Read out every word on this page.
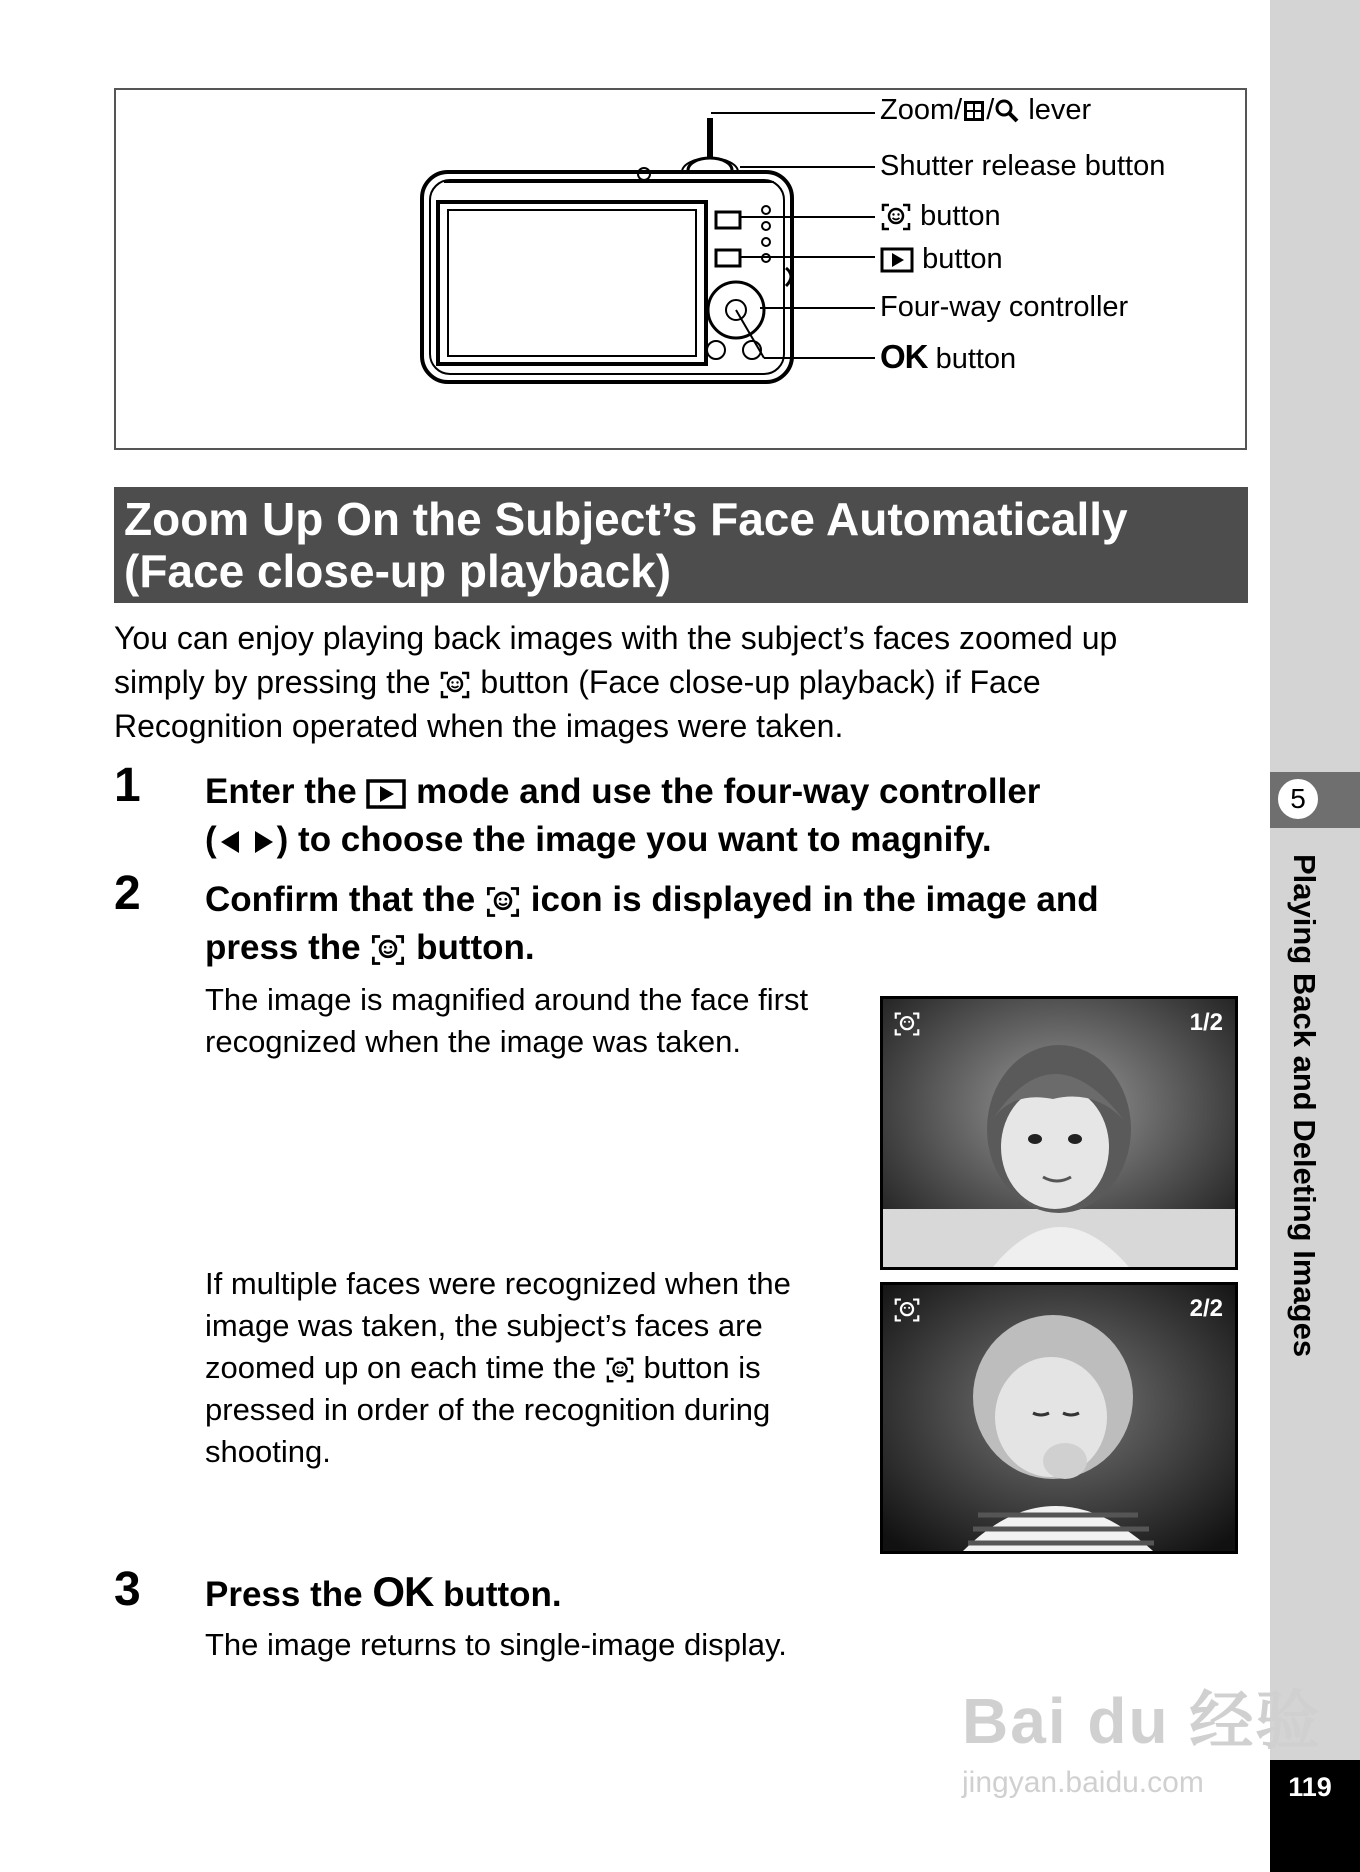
5
Playing Back and Deleting Images
119
Zoom/ / lever
Shutter release button
button
button
Four-way controller
OK button
Zoom Up On the Subject’s Face Automatically
(Face close-up playback)
You can enjoy playing back images with the subject’s faces zoomed up
simply by pressing the button (Face close-up playback) if Face
Recognition operated when the images were taken.
1 Enter the mode and use the four-way controller
( ) to choose the image you want to magnify.
2 Confirm that the icon is displayed in the image and
press the button.
The image is magnified around the face first
recognized when the image was taken.
If multiple faces were recognized when the
image was taken, the subject’s faces are
zoomed up on each time the button is
pressed in order of the recognition during
shooting.
1/2
2/2
3 Press the OK button.
The image returns to single-image display.
Bai du 经验
jingyan.baidu.com
